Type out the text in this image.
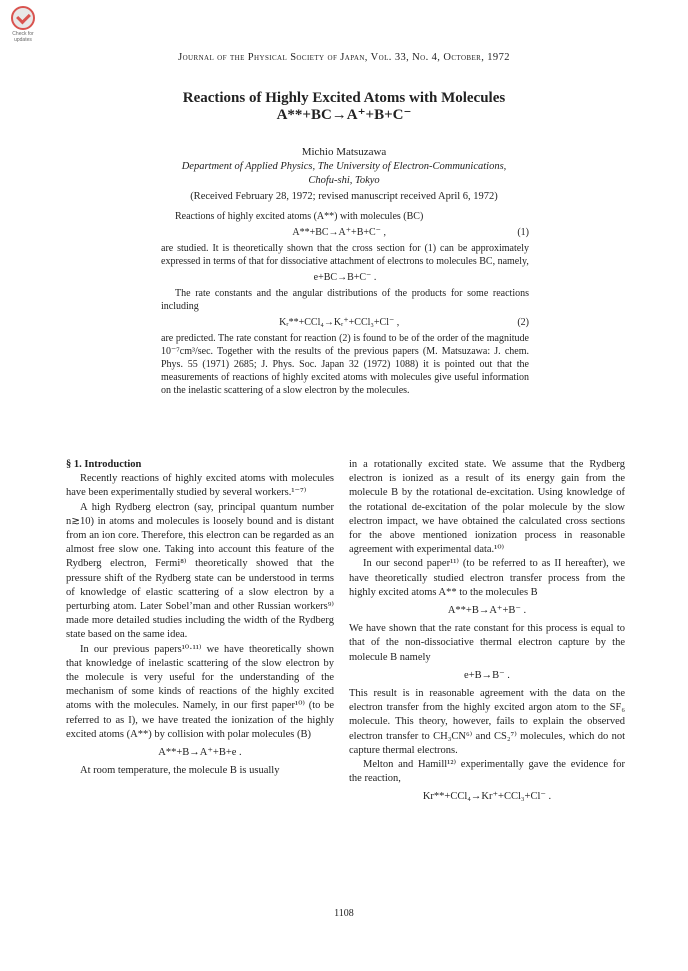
Check for updates
Journal of the Physical Society of Japan, Vol. 33, No. 4, October, 1972
Reactions of Highly Excited Atoms with Molecules
A**+BC→A⁺+B+C⁻
Michio Matsuzawa
Department of Applied Physics, The University of Electron-Communications,
Chofu-shi, Tokyo
(Received February 28, 1972; revised manuscript received April 6, 1972)

Reactions of highly excited atoms (A**) with molecules (BC)

A**+BC→A⁺+B+C⁻ ,	(1)

are studied. It is theoretically shown that the cross section for (1) can be approximately expressed in terms of that for dissociative attachment of electrons to molecules BC, namely,

e+BC→B+C⁻ .

The rate constants and the angular distributions of the products for some reactions including

Kᵣ**+CCl₄→Kᵣ⁺+CCl₃+Cl⁻ ,	(2)

are predicted. The rate constant for reaction (2) is found to be of the order of the magnitude 10⁻⁷cm³/sec. Together with the results of the previous papers (M. Matsuzawa: J. chem. Phys. 55 (1971) 2685; J. Phys. Soc. Japan 32 (1972) 1088) it is pointed out that the measurements of reactions of highly excited atoms with molecules give useful information on the inelastic scattering of a slow electron by the molecules.

§ 1. Introduction

Recently reactions of highly excited atoms with molecules have been experimentally studied by several workers.¹⁻⁷⁾

A high Rydberg electron (say, principal quantum number n≳10) in atoms and molecules is loosely bound and is distant from an ion core. Therefore, this electron can be regarded as an almost free slow one. Taking into account this feature of the Rydberg electron, Fermi⁸⁾ theoretically showed that the pressure shift of the Rydberg state can be understood in terms of knowledge of elastic scattering of a slow electron by a perturbing atom. Later Sobel’man and other Russian workers⁹⁾ made more detailed studies including the width of the Rydberg state based on the same idea.

In our previous papers¹⁰·¹¹⁾ we have theoretically shown that knowledge of inelastic scattering of the slow electron by the molecule is very useful for the understanding of the mechanism of some kinds of reactions of the highly excited atoms with the molecules. Namely, in our first paper¹⁰⁾ (to be referred to as I), we have treated the ionization of the highly excited atoms (A**) by collision with polar molecules (B)

A**+B→A⁺+B+e .

At room temperature, the molecule B is usually

in a rotationally excited state. We assume that the Rydberg electron is ionized as a result of its energy gain from the molecule B by the rotational de-excitation. Using knowledge of the rotational de-excitation of the polar molecule by the slow electron impact, we have obtained the calculated cross sections for the above mentioned ionization process in reasonable agreement with experimental data.¹⁰⁾

In our second paper¹¹⁾ (to be referred to as II hereafter), we have theoretically studied electron transfer process from the highly excited atoms A** to the molecules B

A**+B→A⁺+B⁻ .

We have shown that the rate constant for this process is equal to that of the non-dissociative thermal electron capture by the molecule B namely

e+B→B⁻ .

This result is in reasonable agreement with the data on the electron transfer from the highly excited argon atom to the SF₆ molecule. This theory, however, fails to explain the observed electron transfer to CH₃CN⁶⁾ and CS₂⁷⁾ molecules, which do not capture thermal electrons.

Melton and Hamill¹²⁾ experimentally gave the evidence for the reaction,

Kr**+CCl₄→Kr⁺+CCl₃+Cl⁻ .
1108
